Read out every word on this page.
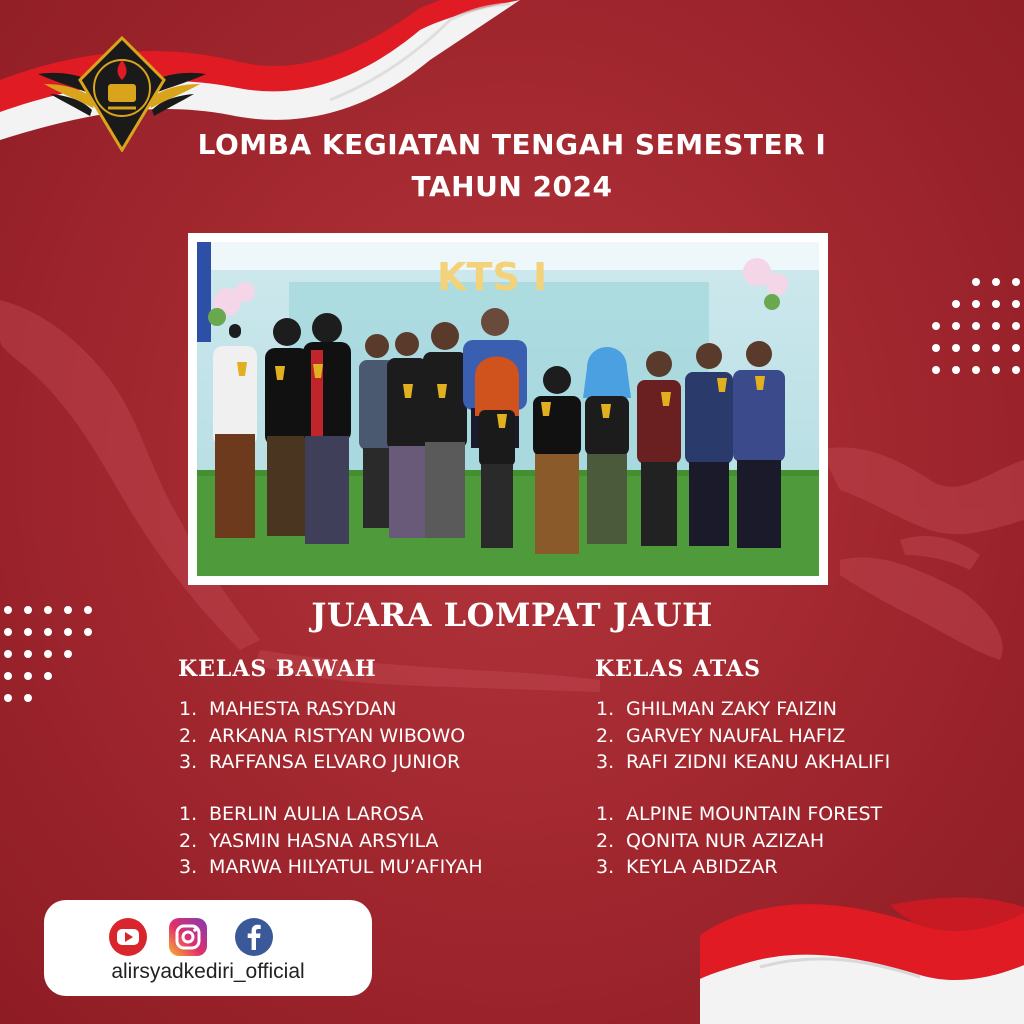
LOMBA KEGIATAN TENGAH SEMESTER I
TAHUN 2024
KTS I
JUARA LOMPAT JAUH
KELAS BAWAH	KELAS ATAS
1. MAHESTA RASYDAN
2. ARKANA RISTYAN WIBOWO
3. RAFFANSA ELVARO JUNIOR
1. BERLIN AULIA LAROSA
2. YASMIN HASNA ARSYILA
3. MARWA HILYATUL MU’AFIYAH
1. GHILMAN ZAKY FAIZIN
2. GARVEY NAUFAL HAFIZ
3. RAFI ZIDNI KEANU AKHALIFI
1. ALPINE MOUNTAIN FOREST
2. QONITA NUR AZIZAH
3. KEYLA ABIDZAR
alirsyadkediri_official
